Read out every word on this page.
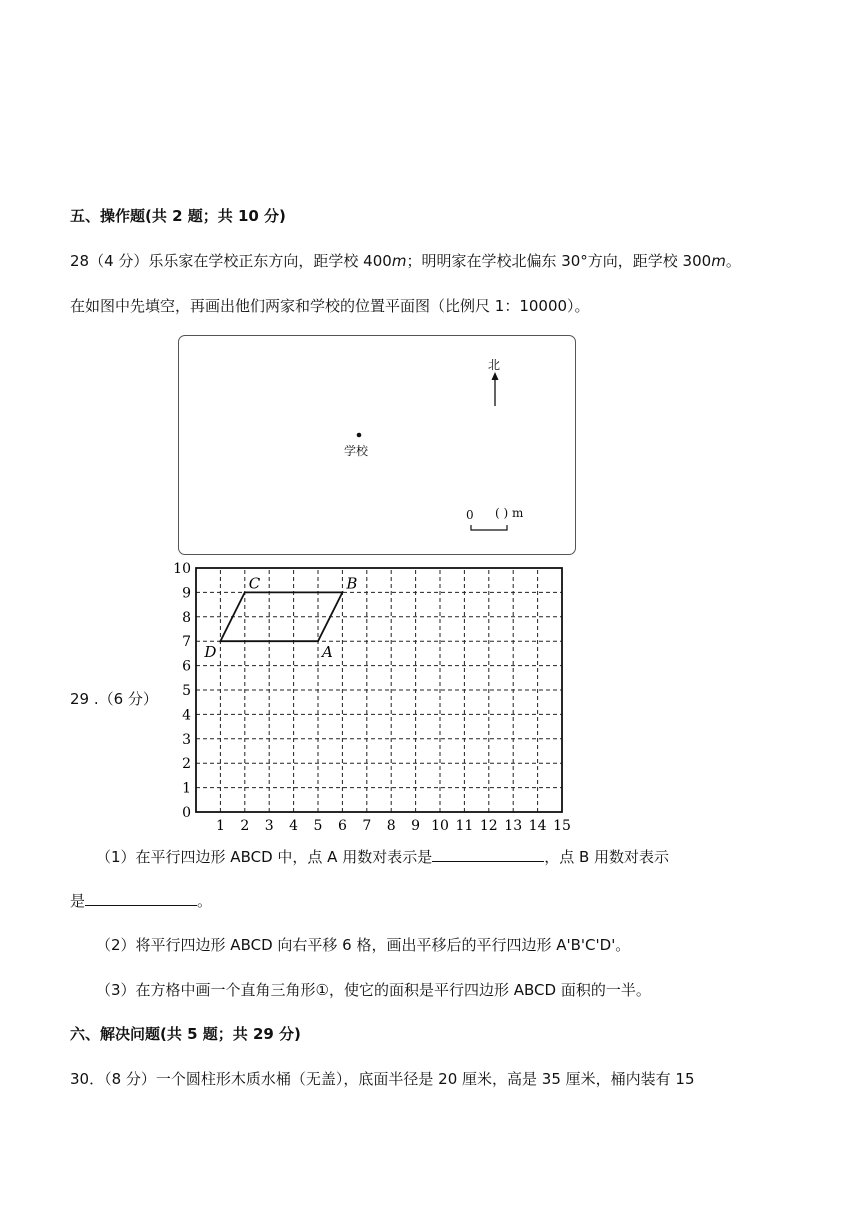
五、操作题(共 2 题；共 10 分)
28（4 分）乐乐家在学校正东方向，距学校 400m；明明家在学校北偏东 30°方向，距学校 300m。
在如图中先填空，再画出他们两家和学校的位置平面图（比例尺 1：10000）。
北
学校
0 ( ) m
29 .（6 分）
1 2 3 4 5 6 7 8 9 10 11 12 13 14 15
0
1
2
3
4
5
6
7
8
9
10
A
B
C
D
（1）在平行四边形 ABCD 中，点 A 用数对表示是	，点 B 用数对表示
是	。
（2）将平行四边形 ABCD 向右平移 6 格，画出平移后的平行四边形 A'B'C'D'。
（3）在方格中画一个直角三角形①，使它的面积是平行四边形 ABCD 面积的一半。
六、解决问题(共 5 题；共 29 分)
30．（8 分）一个圆柱形木质水桶（无盖），底面半径是 20 厘米，高是 35 厘米，桶内装有 15
